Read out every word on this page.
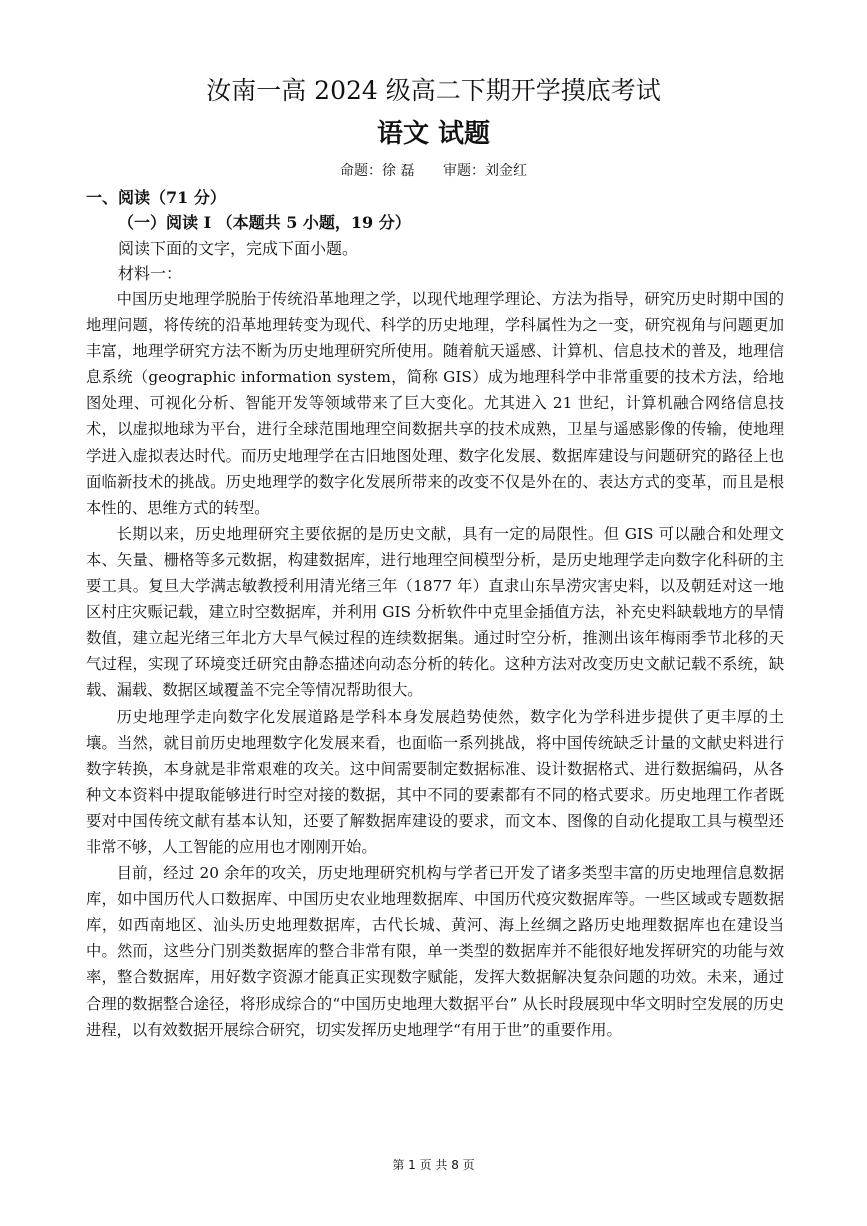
汝南一高 2024 级高二下期开学摸底考试
语文 试题
命题：徐 磊 审题：刘金红
一、阅读（71 分）
（一）阅读 I （本题共 5 小题，19 分）
阅读下面的文字，完成下面小题。
材料一：

中国历史地理学脱胎于传统沿革地理之学，以现代地理学理论、方法为指导，研究历史时期中国的地理问题，将传统的沿革地理转变为现代、科学的历史地理，学科属性为之一变，研究视角与问题更加丰富，地理学研究方法不断为历史地理研究所使用。随着航天遥感、计算机、信息技术的普及，地理信息系统（geographic information system，简称 GIS）成为地理科学中非常重要的技术方法，给地图处理、可视化分析、智能开发等领域带来了巨大变化。尤其进入 21 世纪，计算机融合网络信息技术，以虚拟地球为平台，进行全球范围地理空间数据共享的技术成熟，卫星与遥感影像的传输，使地理学进入虚拟表达时代。而历史地理学在古旧地图处理、数字化发展、数据库建设与问题研究的路径上也面临新技术的挑战。历史地理学的数字化发展所带来的改变不仅是外在的、表达方式的变革，而且是根本性的、思维方式的转型。

长期以来，历史地理研究主要依据的是历史文献，具有一定的局限性。但 GIS 可以融合和处理文本、矢量、栅格等多元数据，构建数据库，进行地理空间模型分析，是历史地理学走向数字化科研的主要工具。复旦大学满志敏教授利用清光绪三年（1877 年）直隶山东旱涝灾害史料，以及朝廷对这一地区村庄灾赈记载，建立时空数据库，并利用 GIS 分析软件中克里金插值方法，补充史料缺载地方的旱情数值，建立起光绪三年北方大旱气候过程的连续数据集。通过时空分析，推测出该年梅雨季节北移的天气过程，实现了环境变迁研究由静态描述向动态分析的转化。这种方法对改变历史文献记载不系统，缺载、漏载、数据区域覆盖不完全等情况帮助很大。

历史地理学走向数字化发展道路是学科本身发展趋势使然，数字化为学科进步提供了更丰厚的土壤。当然，就目前历史地理数字化发展来看，也面临一系列挑战，将中国传统缺乏计量的文献史料进行数字转换，本身就是非常艰难的攻关。这中间需要制定数据标准、设计数据格式、进行数据编码，从各种文本资料中提取能够进行时空对接的数据，其中不同的要素都有不同的格式要求。历史地理工作者既要对中国传统文献有基本认知，还要了解数据库建设的要求，而文本、图像的自动化提取工具与模型还非常不够，人工智能的应用也才刚刚开始。

目前，经过 20 余年的攻关，历史地理研究机构与学者已开发了诸多类型丰富的历史地理信息数据库，如中国历代人口数据库、中国历史农业地理数据库、中国历代疫灾数据库等。一些区域或专题数据库，如西南地区、汕头历史地理数据库，古代长城、黄河、海上丝绸之路历史地理数据库也在建设当中。然而，这些分门别类数据库的整合非常有限，单一类型的数据库并不能很好地发挥研究的功能与效率，整合数据库，用好数字资源才能真正实现数字赋能，发挥大数据解决复杂问题的功效。未来，通过合理的数据整合途径，将形成综合的“中国历史地理大数据平台” 从长时段展现中华文明时空发展的历史进程，以有效数据开展综合研究，切实发挥历史地理学“有用于世”的重要作用。

第 1 页 共 8 页
